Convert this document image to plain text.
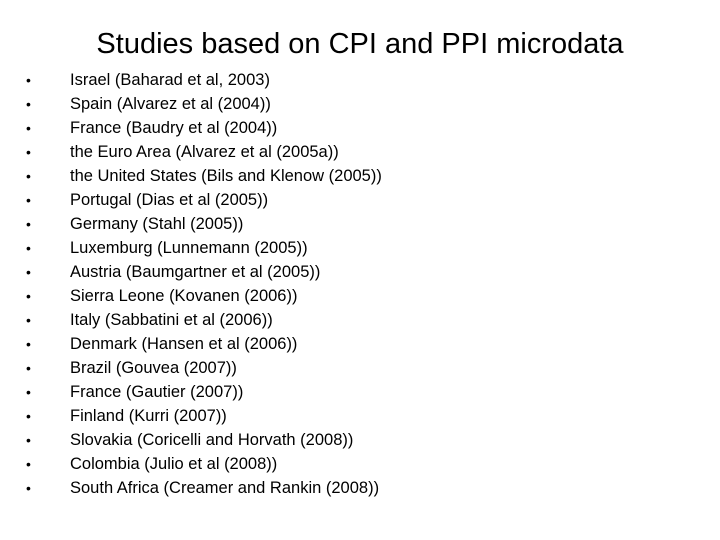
Studies based on CPI and PPI microdata
•	Israel (Baharad et al, 2003)
•	Spain (Alvarez et al (2004))
•	France (Baudry et al (2004))
•	the Euro Area (Alvarez et al (2005a))
•	the United States (Bils and Klenow (2005))
•	Portugal (Dias et al (2005))
•	Germany (Stahl (2005))
•	Luxemburg (Lunnemann (2005))
•	Austria (Baumgartner et al (2005))
•	Sierra Leone (Kovanen (2006))
•	Italy (Sabbatini et al (2006))
•	Denmark (Hansen et al (2006))
•	Brazil (Gouvea (2007))
•	France (Gautier (2007))
•	Finland (Kurri (2007))
•	Slovakia (Coricelli and Horvath (2008))
•	Colombia (Julio et al (2008))
•	South Africa (Creamer and Rankin (2008))
